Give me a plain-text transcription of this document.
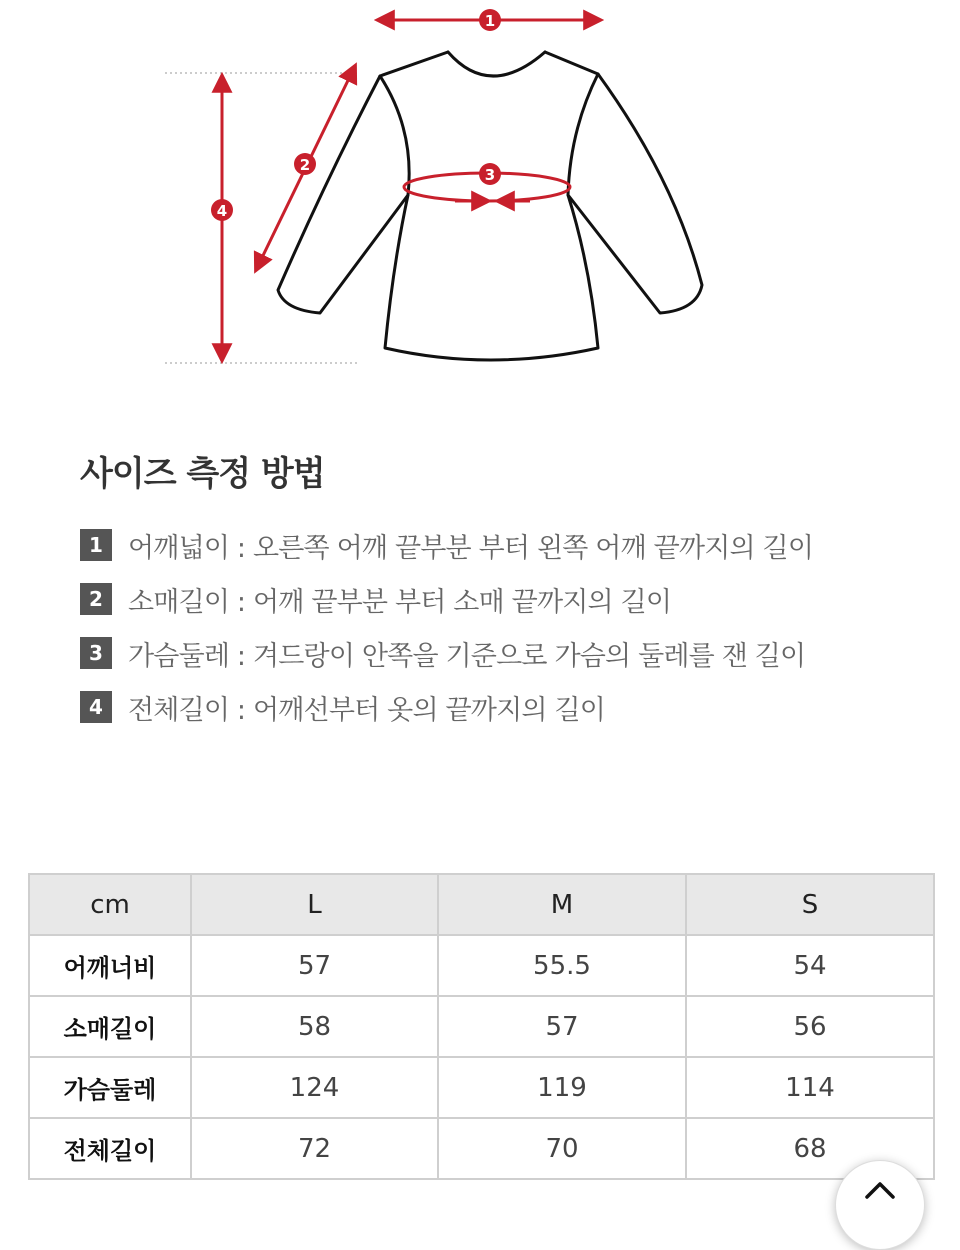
1
2
3
4
사이즈 측정 방법
1 어깨넓이 : 오른쪽 어깨 끝부분 부터 왼쪽 어깨 끝까지의 길이
2 소매길이 : 어깨 끝부분 부터 소매 끝까지의 길이
3 가슴둘레 : 겨드랑이 안쪽을 기준으로 가슴의 둘레를 잰 길이
4 전체길이 : 어깨선부터 옷의 끝까지의 길이
cm	L	M	S
어깨너비	57	55.5	54
소매길이	58	57	56
가슴둘레	124	119	114
전체길이	72	70	68
